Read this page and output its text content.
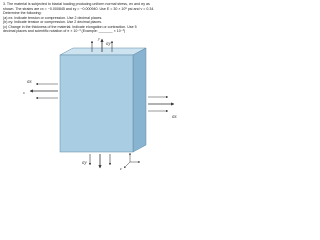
3. The material is subjected to biaxial loading producing uniform normal stress, σx and σy as

shown. The strains are εx = −0.000845 and εy = −0.000940. Use E = 30 × 10⁶ psi and ν = 0.34.

Determine the following:

(a) σx. Indicate tension or compression. Use 2 decimal places.

(b) σy. Indicate tension or compression. Use 2 decimal places.

(c) Change in the thickness of the material. Indicate elongation or contraction. Use 5

decimal places and scientific notation of e × 10⁻³ (Example: _______ × 10⁻³)

σy
y
σx
x
σx
σy
z
